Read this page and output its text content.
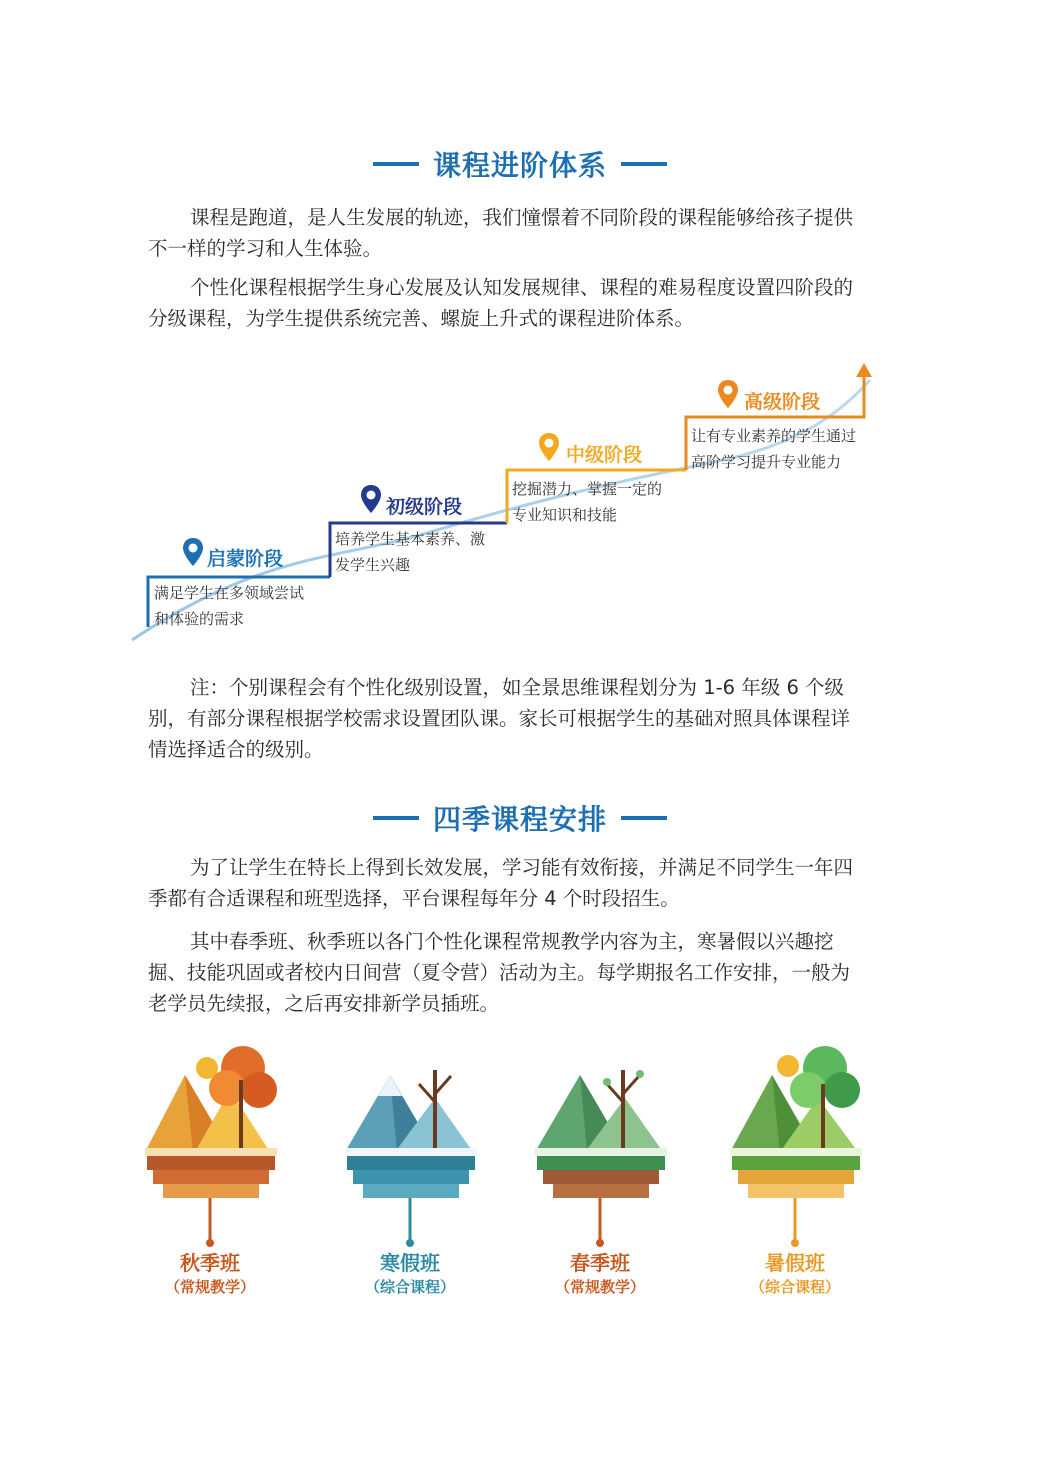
课程进阶体系

课程是跑道，是人生发展的轨迹，我们憧憬着不同阶段的课程能够给孩子提供不一样的学习和人生体验。

个性化课程根据学生身心发展及认知发展规律、课程的难易程度设置四阶段的分级课程，为学生提供系统完善、螺旋上升式的课程进阶体系。

启蒙阶段
满足学生在多领域尝试
和体验的需求
初级阶段
培养学生基本素养、激
发学生兴趣
中级阶段
挖掘潜力、掌握一定的
专业知识和技能
高级阶段
让有专业素养的学生通过
高阶学习提升专业能力

注：个别课程会有个性化级别设置，如全景思维课程划分为 1-6 年级 6 个级别，有部分课程根据学校需求设置团队课。家长可根据学生的基础对照具体课程详情选择适合的级别。

四季课程安排

为了让学生在特长上得到长效发展，学习能有效衔接，并满足不同学生一年四季都有合适课程和班型选择，平台课程每年分 4 个时段招生。

其中春季班、秋季班以各门个性化课程常规教学内容为主，寒暑假以兴趣挖掘、技能巩固或者校内日间营（夏令营）活动为主。每学期报名工作安排，一般为老学员先续报，之后再安排新学员插班。

秋季班
（常规教学）
寒假班
（综合课程）
春季班
（常规教学）
暑假班
（综合课程）
